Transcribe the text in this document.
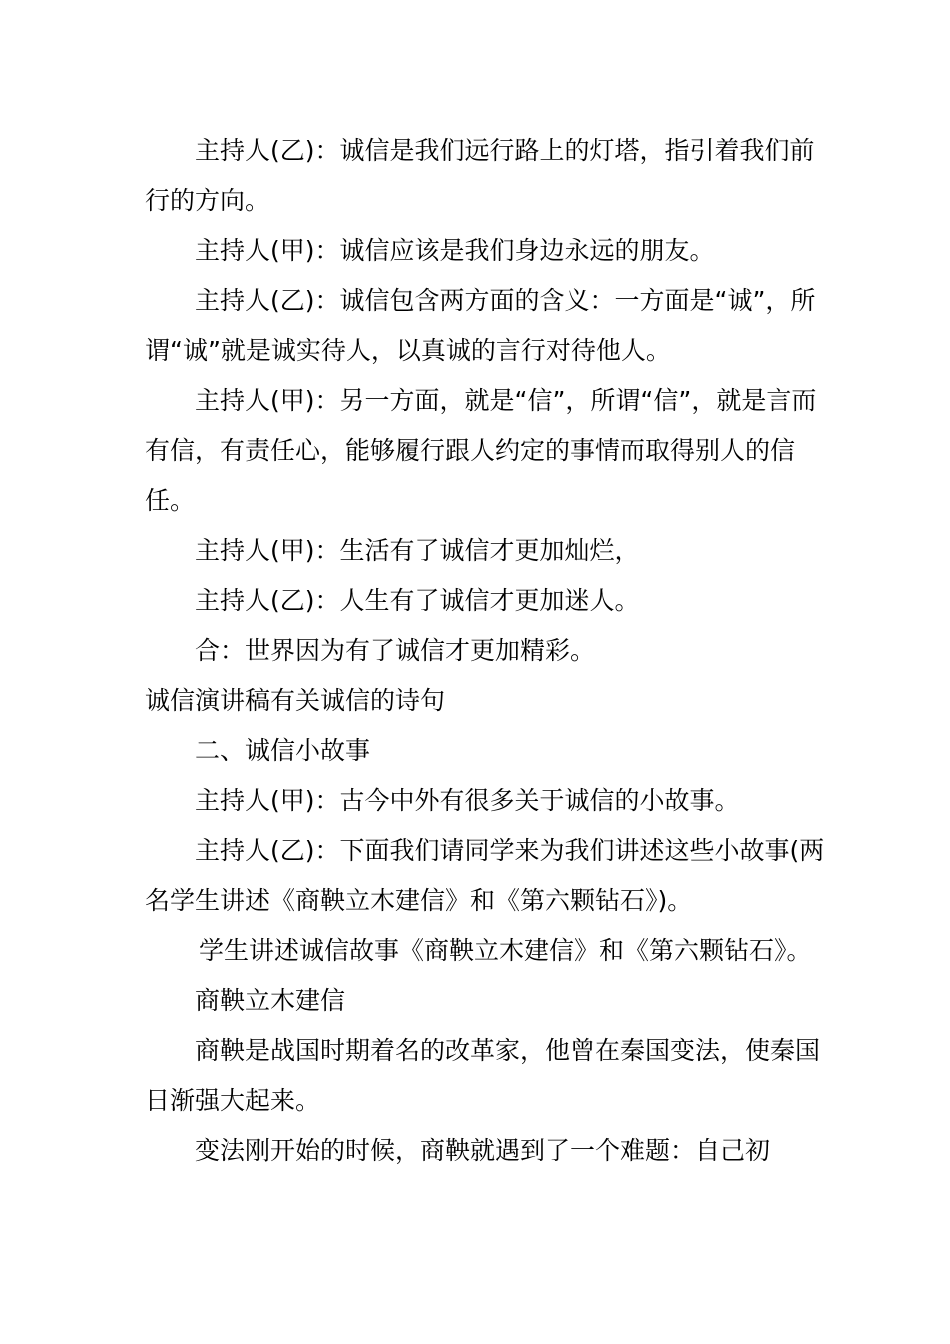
主持人(乙)：诚信是我们远行路上的灯塔，指引着我们前行的方向。

主持人(甲)：诚信应该是我们身边永远的朋友。

主持人(乙)：诚信包含两方面的含义：一方面是“诚”，所谓“诚”就是诚实待人，以真诚的言行对待他人。

主持人(甲)：另一方面，就是“信”，所谓“信”，就是言而有信，有责任心，能够履行跟人约定的事情而取得别人的信任。

主持人(甲)：生活有了诚信才更加灿烂，

主持人(乙)：人生有了诚信才更加迷人。

合：世界因为有了诚信才更加精彩。

诚信演讲稿有关诚信的诗句

二、诚信小故事

主持人(甲)：古今中外有很多关于诚信的小故事。

主持人(乙)：下面我们请同学来为我们讲述这些小故事(两名学生讲述《商鞅立木建信》和《第六颗钻石》)。

学生讲述诚信故事《商鞅立木建信》和《第六颗钻石》。

商鞅立木建信

商鞅是战国时期着名的改革家，他曾在秦国变法，使秦国日渐强大起来。

变法刚开始的时候，商鞅就遇到了一个难题：自己初
